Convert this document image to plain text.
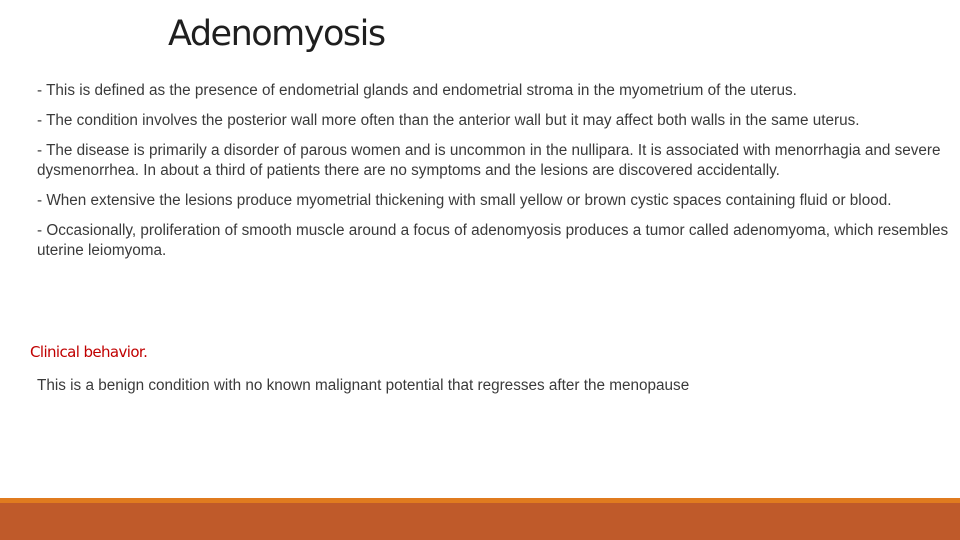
Adenomyosis

- This is defined as the presence of endometrial glands and endometrial stroma in the myometrium of the uterus.

- The condition involves the posterior wall more often than the anterior wall but it may affect both walls in the same uterus.

- The disease is primarily a disorder of parous women and is uncommon in the nullipara. It is associated with menorrhagia and severe dysmenorrhea. In about a third of patients there are no symptoms and the lesions are discovered accidentally.

- When extensive the lesions produce myometrial thickening with small yellow or brown cystic spaces containing fluid or blood.

- Occasionally, proliferation of smooth muscle around a focus of adenomyosis produces a tumor called adenomyoma, which resembles uterine leiomyoma.

Clinical behavior.

This is a benign condition with no known malignant potential that regresses after the menopause
